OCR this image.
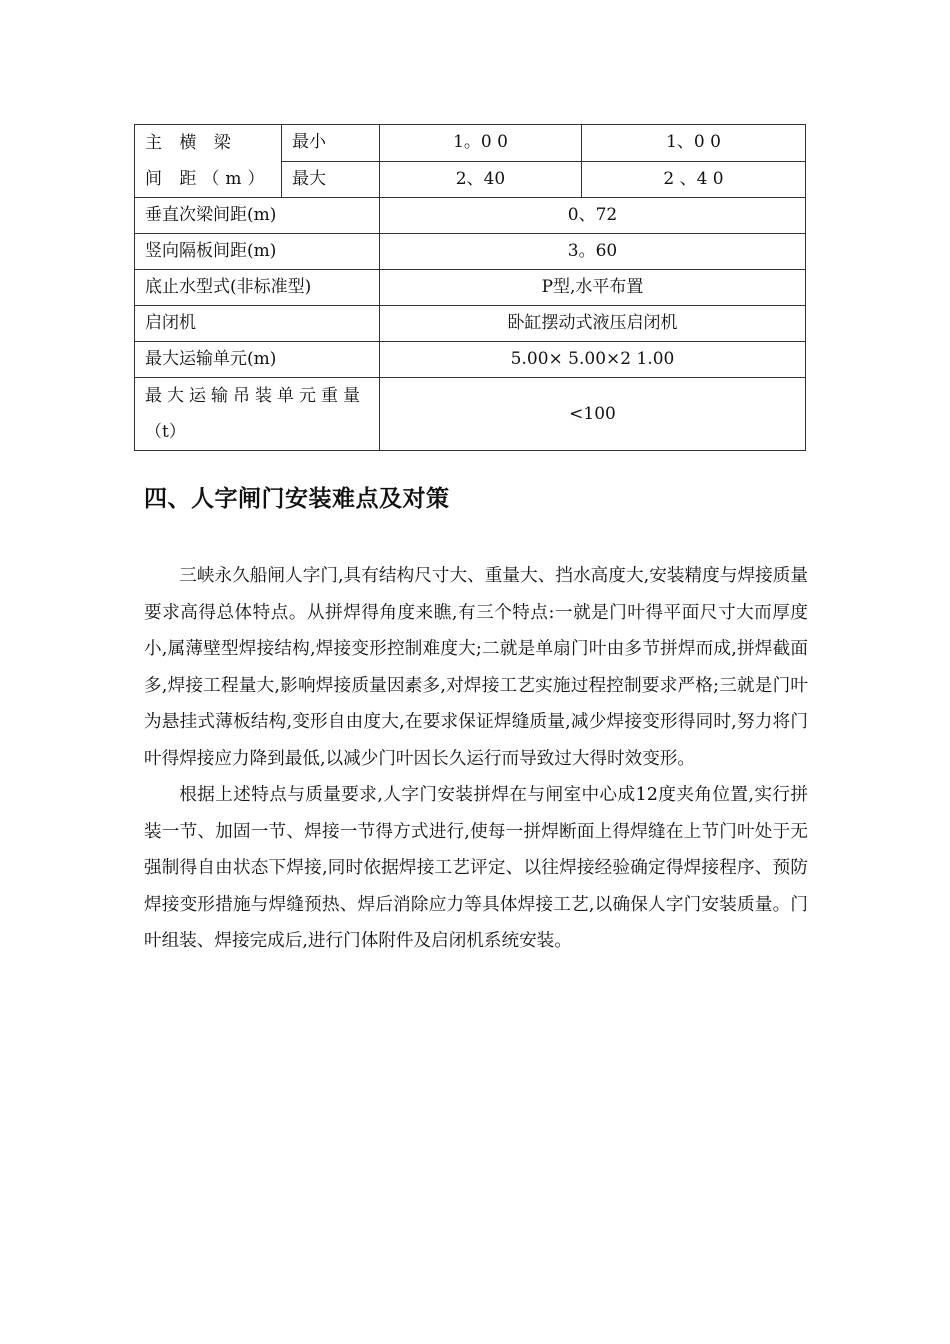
主 横 梁 间 距（m）	最小	1。0 0	1、0 0
	最大	2、40	2 、4 0
垂直次梁间距(m)		0、72	
竖向隔板间距(m)		3。60	
底止水型式(非标准型)		P型,水平布置	
启闭机		卧缸摆动式液压启闭机	
最大运输单元(m)		5.00× 5.00×2 1.00	

最大运输吊装单元重量
（t）		<100	
四、人字闸门安装难点及对策

三峡永久船闸人字门,具有结构尺寸大、重量大、挡水高度大,安装精度与焊接质量要求高得总体特点。从拼焊得角度来瞧,有三个特点:一就是门叶得平面尺寸大而厚度小,属薄壁型焊接结构,焊接变形控制难度大;二就是单扇门叶由多节拼焊而成,拼焊截面多,焊接工程量大,影响焊接质量因素多,对焊接工艺实施过程控制要求严格;三就是门叶为悬挂式薄板结构,变形自由度大,在要求保证焊缝质量,减少焊接变形得同时,努力将门叶得焊接应力降到最低,以减少门叶因长久运行而导致过大得时效变形。

根据上述特点与质量要求,人字门安装拼焊在与闸室中心成12度夹角位置,实行拼装一节、加固一节、焊接一节得方式进行,使每一拼焊断面上得焊缝在上节门叶处于无强制得自由状态下焊接,同时依据焊接工艺评定、以往焊接经验确定得焊接程序、预防焊接变形措施与焊缝预热、焊后消除应力等具体焊接工艺,以确保人字门安装质量。门叶组装、焊接完成后,进行门体附件及启闭机系统安装。
